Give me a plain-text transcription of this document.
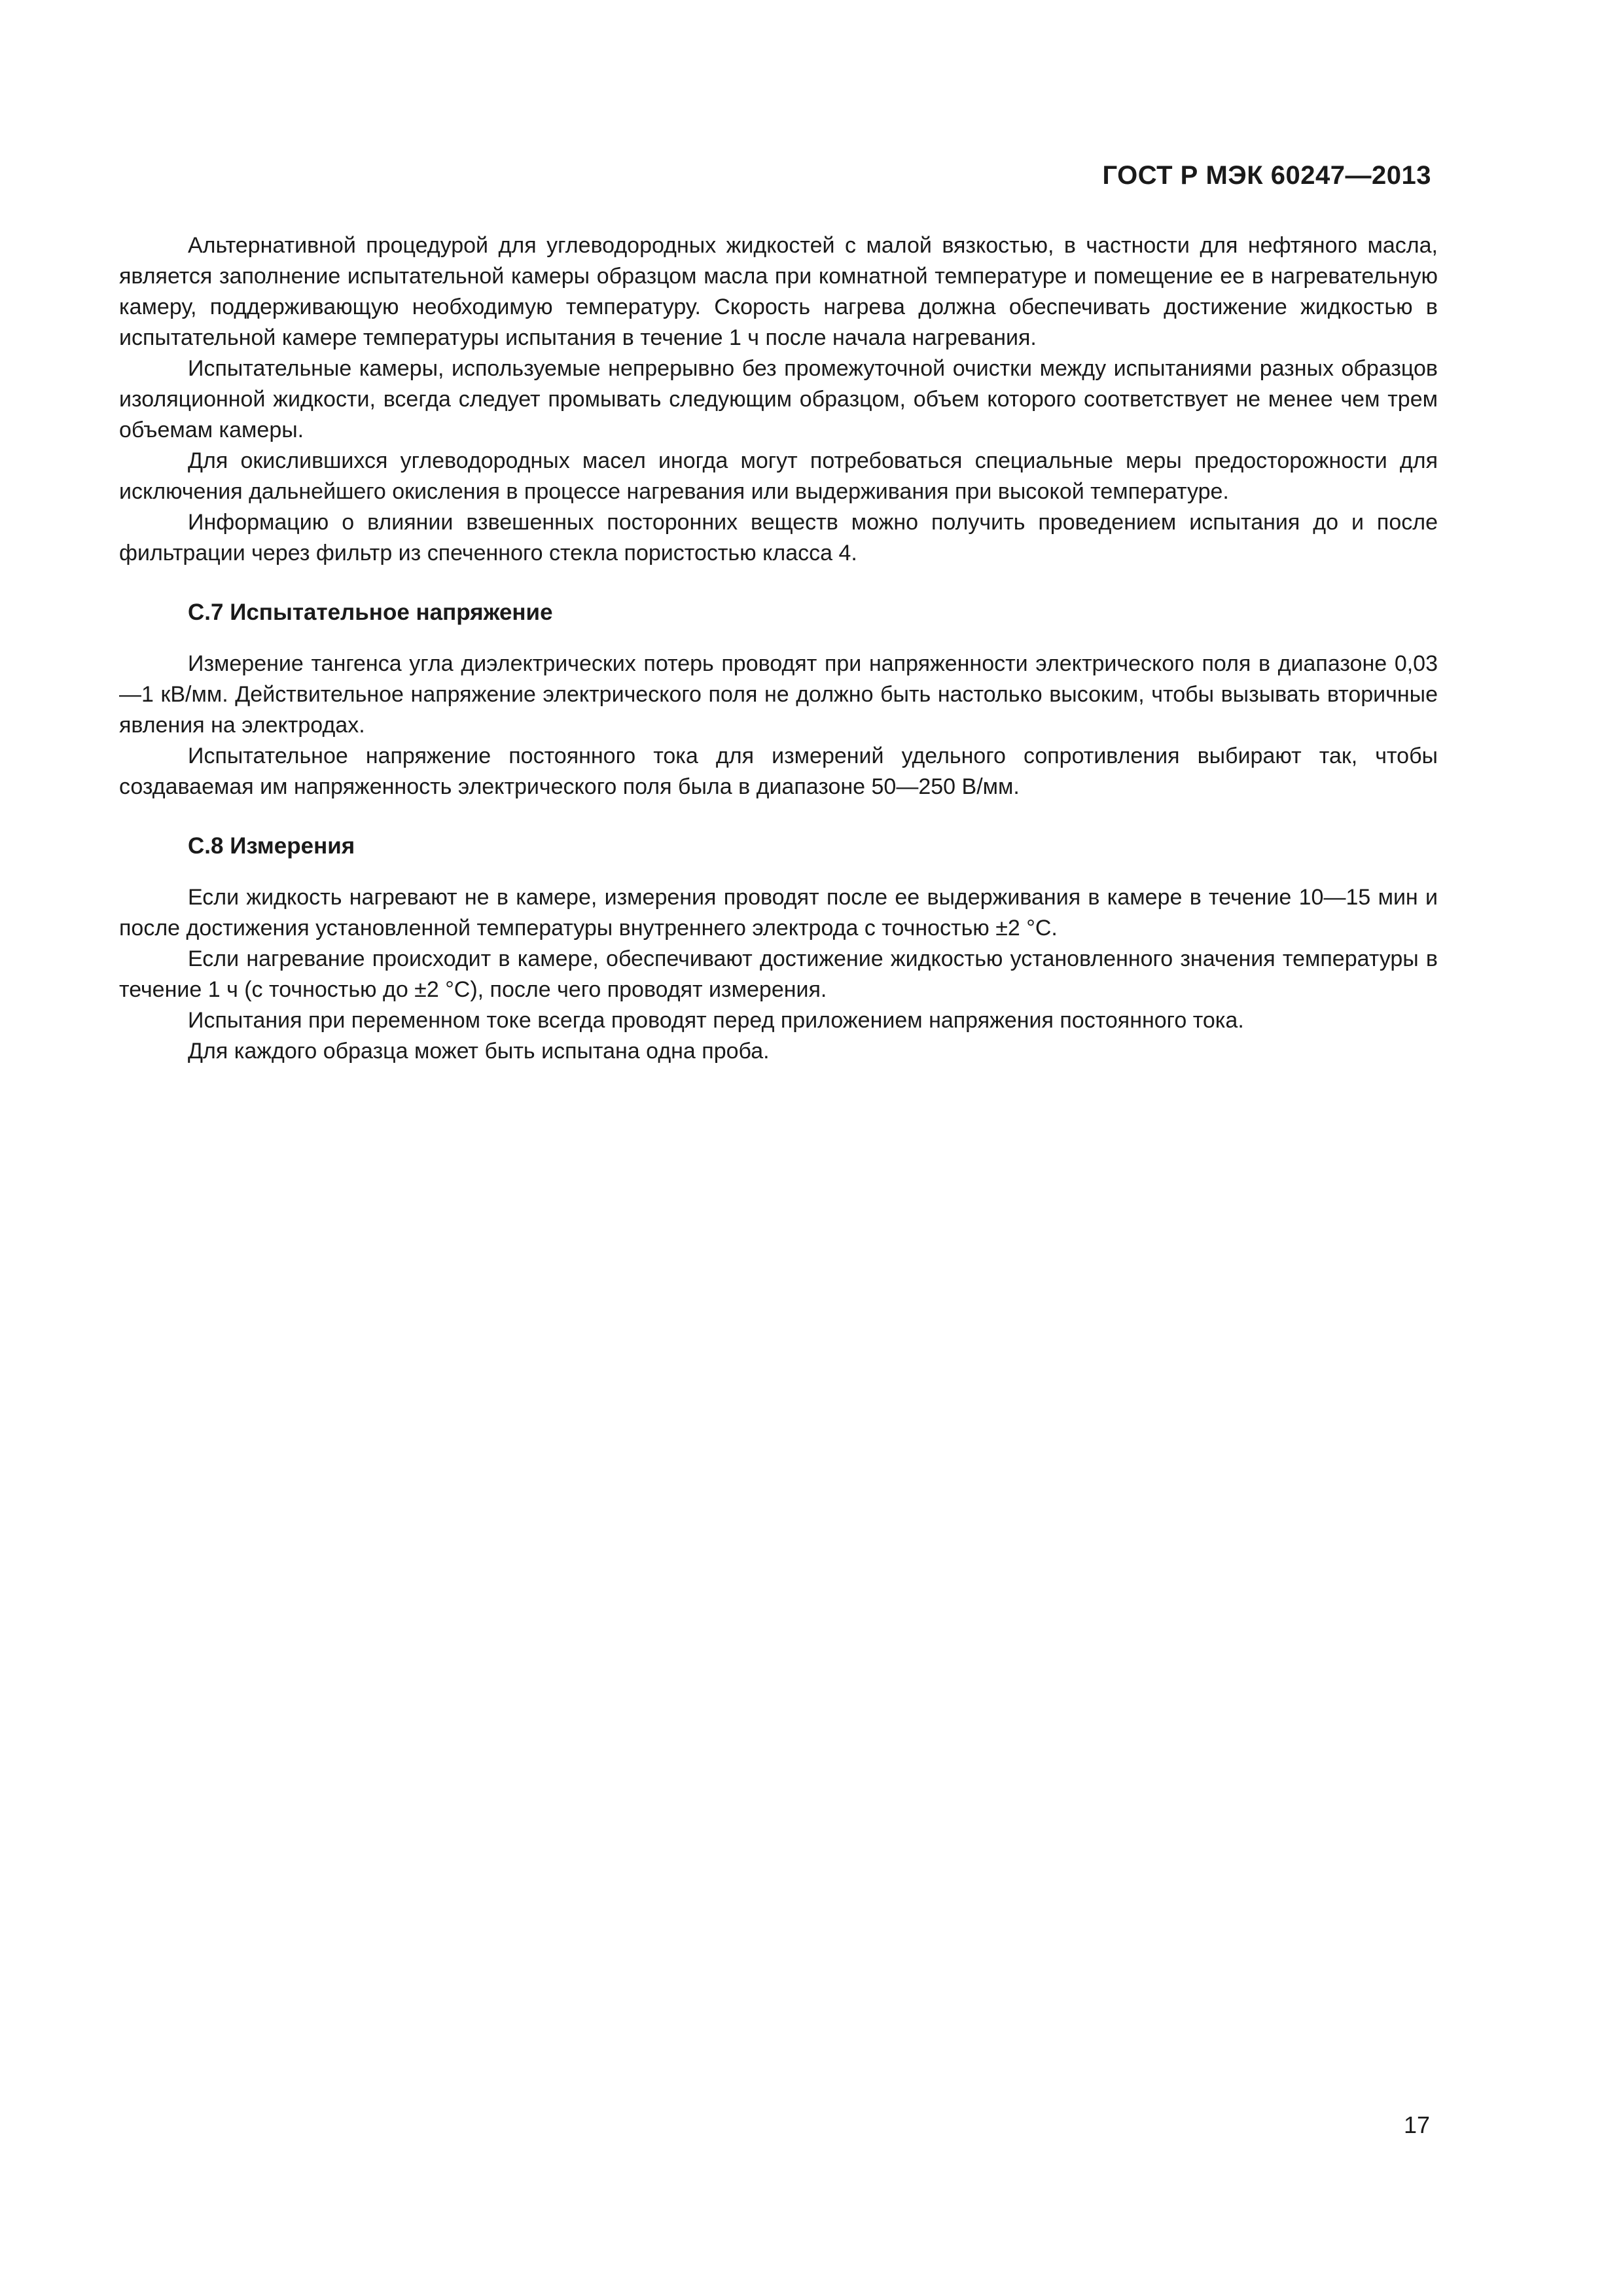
ГОСТ Р МЭК 60247—2013

Альтернативной процедурой для углеводородных жидкостей с малой вязкостью, в частности для нефтяного масла, является заполнение испытательной камеры образцом масла при комнатной температуре и помещение ее в нагревательную камеру, поддерживающую необходимую температуру. Скорость нагрева должна обеспечивать достижение жидкостью в испытательной камере температуры испытания в течение 1 ч после начала нагревания.

Испытательные камеры, используемые непрерывно без промежуточной очистки между испытаниями разных образцов изоляционной жидкости, всегда следует промывать следующим образцом, объем которого соответствует не менее чем трем объемам камеры.

Для окислившихся углеводородных масел иногда могут потребоваться специальные меры предосторожности для исключения дальнейшего окисления в процессе нагревания или выдерживания при высокой температуре.

Информацию о влиянии взвешенных посторонних веществ можно получить проведением испытания до и после фильтрации через фильтр из спеченного стекла пористостью класса 4.

С.7 Испытательное напряжение

Измерение тангенса угла диэлектрических потерь проводят при напряженности электрического поля в диапазоне 0,03—1 кВ/мм. Действительное напряжение электрического поля не должно быть настолько высоким, чтобы вызывать вторичные явления на электродах.

Испытательное напряжение постоянного тока для измерений удельного сопротивления выбирают так, чтобы создаваемая им напряженность электрического поля была в диапазоне 50—250 В/мм.

С.8 Измерения

Если жидкость нагревают не в камере, измерения проводят после ее выдерживания в камере в течение 10—15 мин и после достижения установленной температуры внутреннего электрода с точностью ±2 °С.

Если нагревание происходит в камере, обеспечивают достижение жидкостью установленного значения температуры в течение 1 ч (с точностью до ±2 °С), после чего проводят измерения.

Испытания при переменном токе всегда проводят перед приложением напряжения постоянного тока.

Для каждого образца может быть испытана одна проба.

17
